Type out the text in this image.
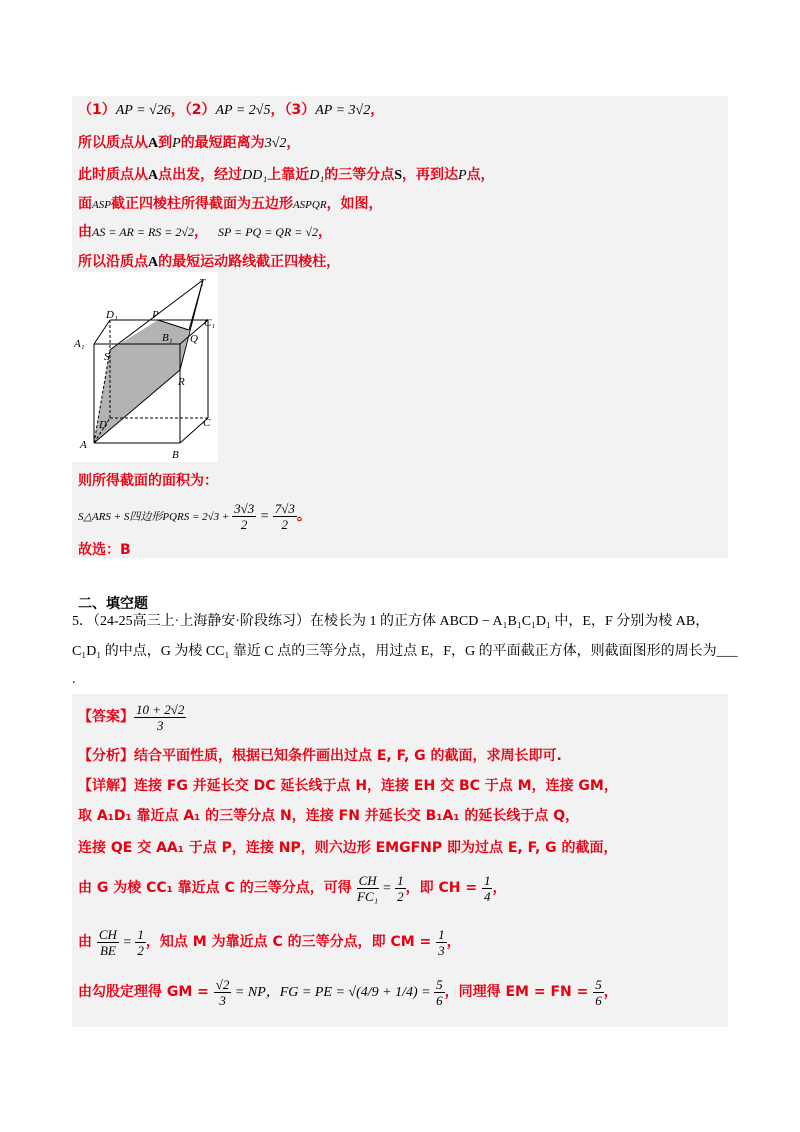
（1）AP = √26，（2）AP = 2√5，（3）AP = 3√2，
所以质点从A到P的最短距离为3√2，
此时质点从A点出发，经过DD₁上靠近D₁的三等分点S，再到达P点，
面ASP截正四棱柱所得截面为五边形ASPQR，如图，
由AS = AR = RS = 2√2， SP = PQ = QR = √2，
所以沿质点A的最短运动路线截正四棱柱，
T
D₁	P
C₁
A₁	B₁ Q
S
R
D	C
A
B
则所得截面的面积为：
S△ARS + S四边形PQRS = $2√3 + \frac{3√3}{2} = \frac{7√3}{2}$ 。
故选：B
二、填空题
5．（24-25高三上·上海静安·阶段练习）在棱长为 1 的正方体 ABCD − A₁B₁C₁D₁ 中，E，F 分别为棱 AB，
C₁D₁ 的中点，G 为棱 CC₁ 靠近 C 点的三等分点，用过点 E，F，G 的平面截正方体，则截面图形的周长为___
.
【答案】 $\frac{10 + 2√2}{3}$
【分析】结合平面性质，根据已知条件画出过点 E, F, G 的截面，求周长即可.
【详解】连接 FG 并延长交 DC 延长线于点 H，连接 EH 交 BC 于点 M，连接 GM，
取 A₁D₁ 靠近点 A₁ 的三等分点 N，连接 FN 并延长交 B₁A₁ 的延长线于点 Q，
连接 QE 交 AA₁ 于点 P，连接 NP，则六边形 EMGFNP 即为过点 E, F, G 的截面，
由 G 为棱 CC₁ 靠近点 C 的三等分点，可得 $\frac{CH}{\text{FC₁}} = \frac{1}{2}$ ，即 CH = $\frac{1}{4}$ ，
由 $\frac{CH}{BE} = \frac{1}{2}$ ，知点 M 为靠近点 C 的三等分点，即 CM = $\frac{1}{3}$ ，
由勾股定理得 GM = $\frac{√2}{3}$ = NP，FG = PE = $√(4/9 + 1/4) = \frac{5}{6}$ ，同理得 EM = FN = $\frac{5}{6}$ ，
